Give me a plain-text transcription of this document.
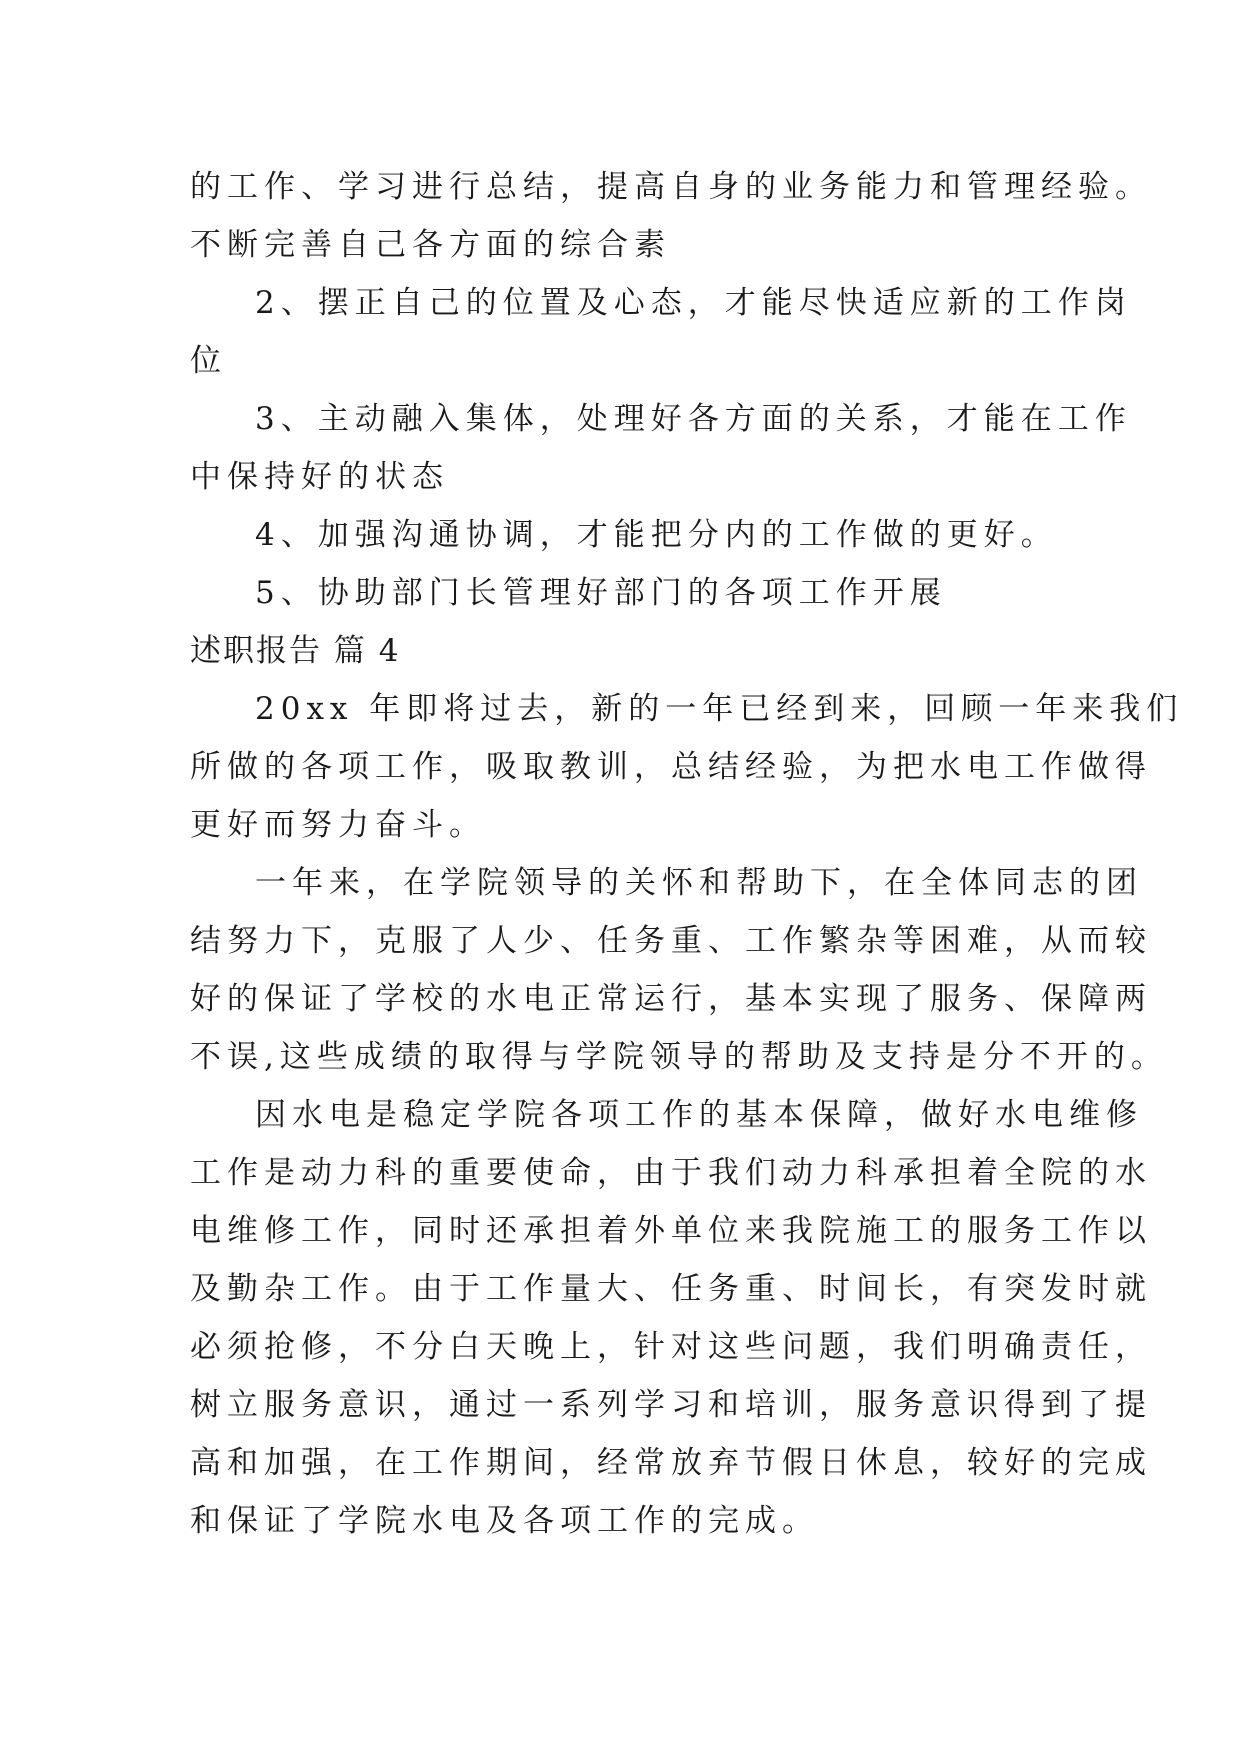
的工作、学习进行总结，提高自身的业务能力和管理经验。
不断完善自己各方面的综合素
2、摆正自己的位置及心态，才能尽快适应新的工作岗
位
3、主动融入集体，处理好各方面的关系，才能在工作
中保持好的状态
4、加强沟通协调，才能把分内的工作做的更好。
5、协助部门长管理好部门的各项工作开展
述职报告 篇 4
20xx 年即将过去，新的一年已经到来，回顾一年来我们
所做的各项工作，吸取教训，总结经验，为把水电工作做得
更好而努力奋斗。
一年来，在学院领导的关怀和帮助下，在全体同志的团
结努力下，克服了人少、任务重、工作繁杂等困难，从而较
好的保证了学校的水电正常运行，基本实现了服务、保障两
不误,这些成绩的取得与学院领导的帮助及支持是分不开的。
因水电是稳定学院各项工作的基本保障，做好水电维修
工作是动力科的重要使命，由于我们动力科承担着全院的水
电维修工作，同时还承担着外单位来我院施工的服务工作以
及勤杂工作。由于工作量大、任务重、时间长，有突发时就
必须抢修，不分白天晚上，针对这些问题，我们明确责任，
树立服务意识，通过一系列学习和培训，服务意识得到了提
高和加强，在工作期间，经常放弃节假日休息，较好的完成
和保证了学院水电及各项工作的完成。
